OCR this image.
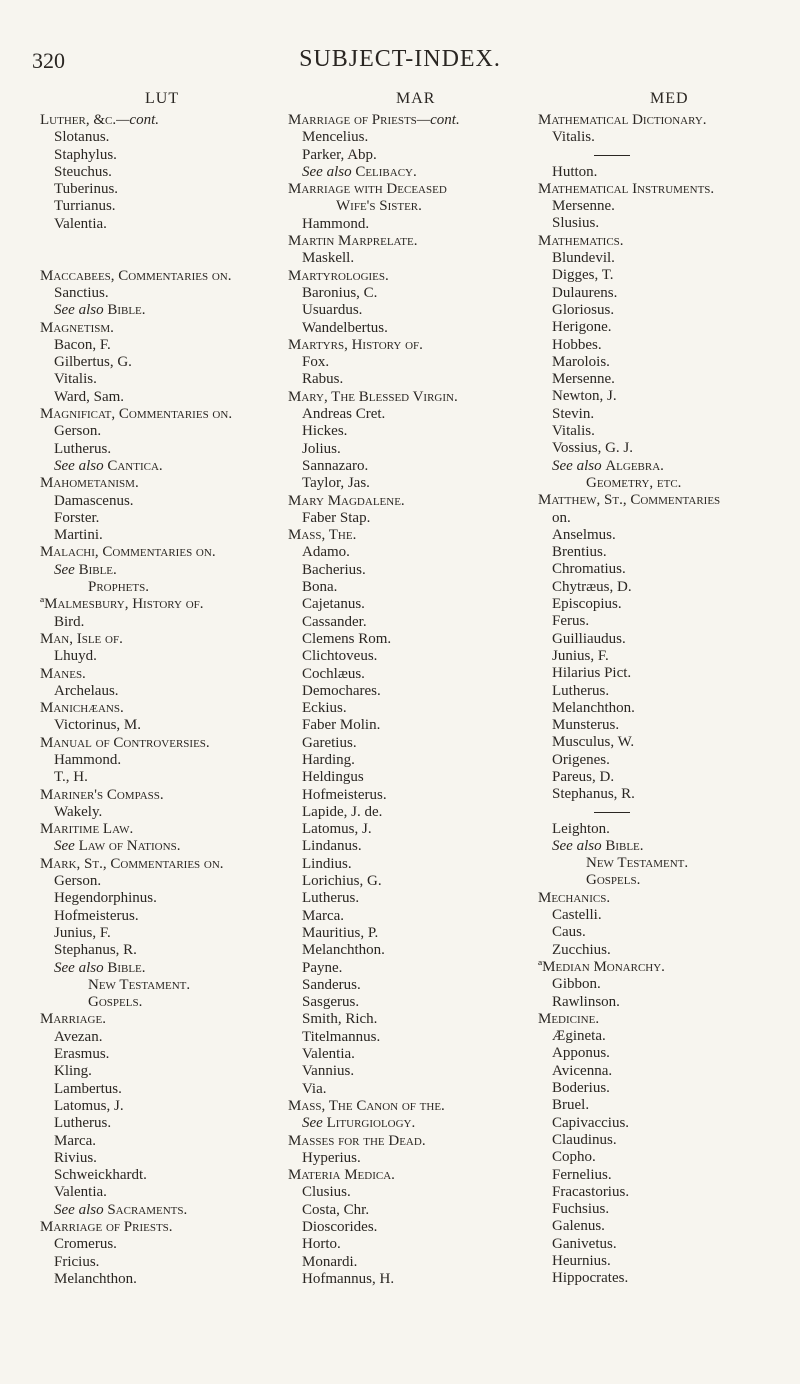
320	SUBJECT-INDEX.
LUT
Luther, &c.—cont.
Slotanus.
Staphylus.
Steuchus.
Tuberinus.
Turrianus.
Valentia.
Maccabees, Commentaries on.
Sanctius.
See also Bible.
Magnetism.
Bacon, F.
Gilbertus, G.
Vitalis.
Ward, Sam.
Magnificat, Commentaries on.
Gerson.
Lutherus.
See also Cantica.
Mahometanism.
Damascenus.
Forster.
Martini.
Malachi, Commentaries on.
See Bible.
Prophets.
ªMalmesbury, History of.
Bird.
Man, Isle of.
Lhuyd.
Manes.
Archelaus.
Manichæans.
Victorinus, M.
Manual of Controversies.
Hammond.
T., H.
Mariner's Compass.
Wakely.
Maritime Law.
See Law of Nations.
Mark, St., Commentaries on.
Gerson.
Hegendorphinus.
Hofmeisterus.
Junius, F.
Stephanus, R.
See also Bible.
New Testament.
Gospels.
Marriage.
Avezan.
Erasmus.
Kling.
Lambertus.
Latomus, J.
Lutherus.
Marca.
Rivius.
Schweickhardt.
Valentia.
See also Sacraments.
Marriage of Priests.
Cromerus.
Fricius.
Melanchthon.
MAR
Marriage of Priests—cont.
Mencelius.
Parker, Abp.
See also Celibacy.
Marriage with Deceased
Wife's Sister.
Hammond.
Martin Marprelate.
Maskell.
Martyrologies.
Baronius, C.
Usuardus.
Wandelbertus.
Martyrs, History of.
Fox.
Rabus.
Mary, The Blessed Virgin.
Andreas Cret.
Hickes.
Jolius.
Sannazaro.
Taylor, Jas.
Mary Magdalene.
Faber Stap.
Mass, The.
Adamo.
Bacherius.
Bona.
Cajetanus.
Cassander.
Clemens Rom.
Clichtoveus.
Cochlæus.
Demochares.
Eckius.
Faber Molin.
Garetius.
Harding.
Heldingus
Hofmeisterus.
Lapide, J. de.
Latomus, J.
Lindanus.
Lindius.
Lorichius, G.
Lutherus.
Marca.
Mauritius, P.
Melanchthon.
Payne.
Sanderus.
Sasgerus.
Smith, Rich.
Titelmannus.
Valentia.
Vannius.
Via.
Mass, The Canon of the.
See Liturgiology.
Masses for the Dead.
Hyperius.
Materia Medica.
Clusius.
Costa, Chr.
Dioscorides.
Horto.
Monardi.
Hofmannus, H.
MED
Mathematical Dictionary.
Vitalis.
Hutton.
Mathematical Instruments.
Mersenne.
Slusius.
Mathematics.
Blundevil.
Digges, T.
Dulaurens.
Gloriosus.
Herigone.
Hobbes.
Marolois.
Mersenne.
Newton, J.
Stevin.
Vitalis.
Vossius, G. J.
See also Algebra.
Geometry, etc.
Matthew, St., Commentaries
on.
Anselmus.
Brentius.
Chromatius.
Chytræus, D.
Episcopius.
Ferus.
Guilliaudus.
Junius, F.
Hilarius Pict.
Lutherus.
Melanchthon.
Munsterus.
Musculus, W.
Origenes.
Pareus, D.
Stephanus, R.
Leighton.
See also Bible.
New Testament.
Gospels.
Mechanics.
Castelli.
Caus.
Zucchius.
ªMedian Monarchy.
Gibbon.
Rawlinson.
Medicine.
Ægineta.
Apponus.
Avicenna.
Boderius.
Bruel.
Capivaccius.
Claudinus.
Copho.
Fernelius.
Fracastorius.
Fuchsius.
Galenus.
Ganivetus.
Heurnius.
Hippocrates.
